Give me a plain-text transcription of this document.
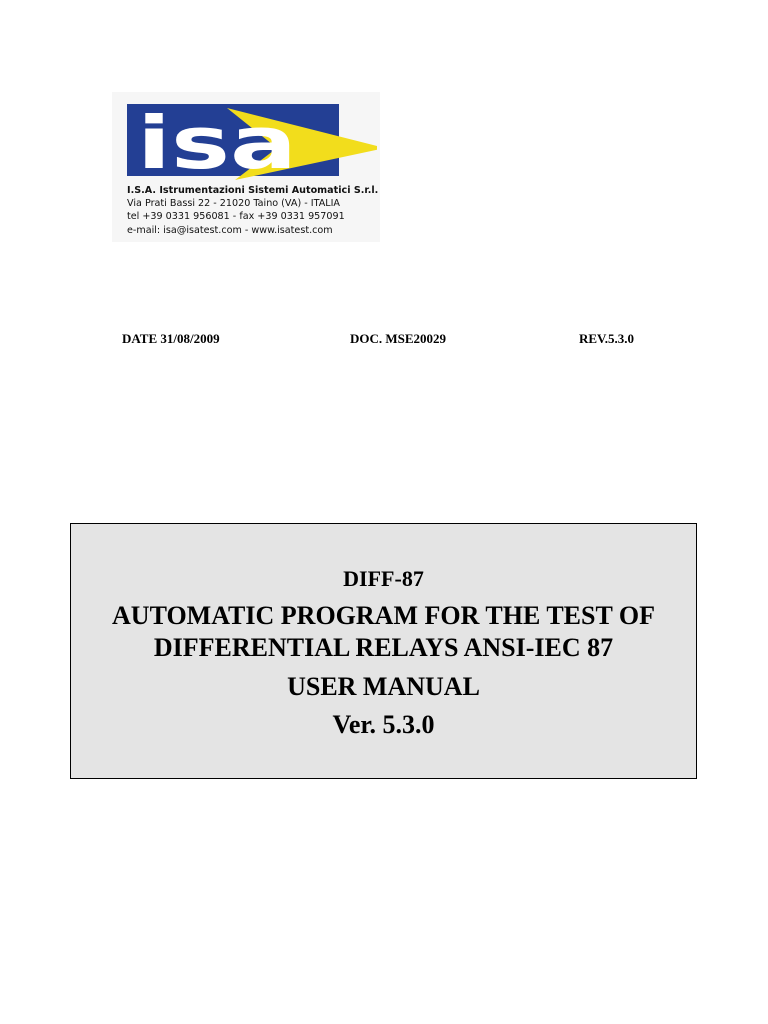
isa
I.S.A. Istrumentazioni Sistemi Automatici S.r.l.
Via Prati Bassi 22 - 21020 Taino (VA) - ITALIA
tel +39 0331 956081 - fax +39 0331 957091
e-mail: isa@isatest.com - www.isatest.com
DATE 31/08/2009	DOC. MSE20029	REV.5.3.0
DIFF-87
AUTOMATIC PROGRAM FOR THE TEST OF
DIFFERENTIAL RELAYS ANSI-IEC 87
USER MANUAL
Ver. 5.3.0
